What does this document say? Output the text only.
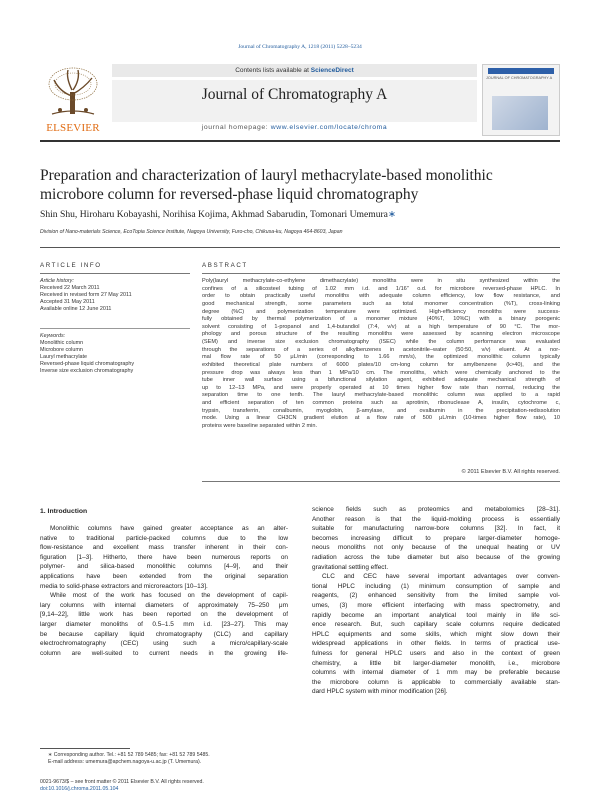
Journal of Chromatography A, 1218 (2011) 5228–5234
ELSEVIER
Contents lists available at ScienceDirect
Journal of Chromatography A
journal homepage: www.elsevier.com/locate/chroma
JOURNAL OF CHROMATOGRAPHY A
Preparation and characterization of lauryl methacrylate-based monolithic
microbore column for reversed-phase liquid chromatography
Shin Shu, Hiroharu Kobayashi, Norihisa Kojima, Akhmad Sabarudin, Tomonari Umemura∗
Division of Nano-materials Science, EcoTopia Science Institute, Nagoya University, Furo-cho, Chikusa-ku, Nagoya 464-8603, Japan
ARTICLE INFO	ABSTRACT
Article history:
Received 22 March 2011
Received in revised form 27 May 2011
Accepted 31 May 2011
Available online 12 June 2011
Keywords:
Monolithic column
Microbore column
Lauryl methacrylate
Reversed-phase liquid chromatography
Inverse size exclusion chromatography
Poly(lauryl methacrylate-co-ethylene dimethacrylate) monoliths were in situ synthesized within the
confines of a silicosteel tubing of 1.02 mm i.d. and 1/16″ o.d. for microbore reversed-phase HPLC. In
order to obtain practically useful monoliths with adequate column efficiency, low flow resistance, and
good mechanical strength, some parameters such as total monomer concentration (%T), cross-linking
degree (%C) and polymerization temperature were optimized. High-efficiency monoliths were success-
fully obtained by thermal polymerization of a monomer mixture (40%T, 10%C) with a binary porogenic
solvent consisting of 1-propanol and 1,4-butandiol (7:4, v/v) at a high temperature of 90 °C. The mor-
phology and porous structure of the resulting monoliths were assessed by scanning electron microscope
(SEM) and inverse size exclusion chromatography (ISEC) while the column performance was evaluated
through the separations of a series of alkylbenzenes in acetonitrile–water (50:50, v/v) eluent. At a nor-
mal flow rate of 50 μL/min (corresponding to 1.66 mm/s), the optimized monolithic column typically
exhibited theoretical plate numbers of 6000 plates/10 cm-long column for amylbenzene (k>40), and the
pressure drop was always less than 1 MPa/10 cm. The monoliths, which were chemically anchored to the
tube inner wall surface using a bifunctional silylation agent, exhibited adequate mechanical strength of
up to 12–13 MPa, and were properly operated at 10 times higher flow rate than normal, reducing the
separation time to one tenth. The lauryl methacrylate-based monolithic column was applied to a rapid
and efficient separation of ten common proteins such as aprotinin, ribonuclease A, insulin, cytochrome c,
trypsin, transferrin, conalbumin, myoglobin, β-amylase, and ovalbumin in the precipitation-redissolution
mode. Using a linear CH3CN gradient elution at a flow rate of 500 μL/min (10-times higher flow rate), 10
proteins were baseline separated within 2 min.
© 2011 Elsevier B.V. All rights reserved.
1. Introduction
Monolithic columns have gained greater acceptance as an alter-
native to traditional particle-packed columns due to the low
flow-resistance and excellent mass transfer inherent in their con-
figuration [1–3]. Hitherto, there have been numerous reports on
polymer- and silica-based monolithic columns [4–9], and their
applications have been extended from the original separation
media to solid-phase extractors and microreactors [10–13].
While most of the work has focused on the development of capil-
lary columns with internal diameters of approximately 75–250 μm
[9,14–22], little work has been reported on the development of
larger diameter monoliths of 0.5–1.5 mm i.d. [23–27]. This may
be because capillary liquid chromatography (CLC) and capillary
electrochromatography (CEC) using such a micro/capillary-scale
column are well-suited to current needs in the growing life-
science fields such as proteomics and metabolomics [28–31].
Another reason is that the liquid-molding process is essentially
suitable for manufacturing narrow-bore columns [32]. In fact, it
becomes increasing difficult to prepare larger-diameter homoge-
neous monoliths not only because of the unequal heating or UV
radiation across the tube diameter but also because of the growing
gravitational settling effect.
CLC and CEC have several important advantages over conven-
tional HPLC including (1) minimum consumption of sample and
reagents, (2) enhanced sensitivity from the limited sample vol-
umes, (3) more efficient interfacing with mass spectrometry, and
rapidly become an important analytical tool mainly in life sci-
ence research. But, such capillary scale columns require dedicated
HPLC equipments and some skills, which might slow down their
widespread applications in other fields. In terms of practical use-
fulness for general HPLC users and also in the context of green
chemistry, a little bit larger-diameter monolith, i.e., microbore
columns with internal diameter of 1 mm may be preferable because
the microbore column is applicable to commercially available stan-
dard HPLC system with minor modification [26].
∗ Corresponding author. Tel.: +81 52 789 5485; fax: +81 52 789 5485.
E-mail address: umemura@apchem.nagoya-u.ac.jp (T. Umemura).
0021-9673/$ – see front matter © 2011 Elsevier B.V. All rights reserved.
doi:10.1016/j.chroma.2011.05.104
